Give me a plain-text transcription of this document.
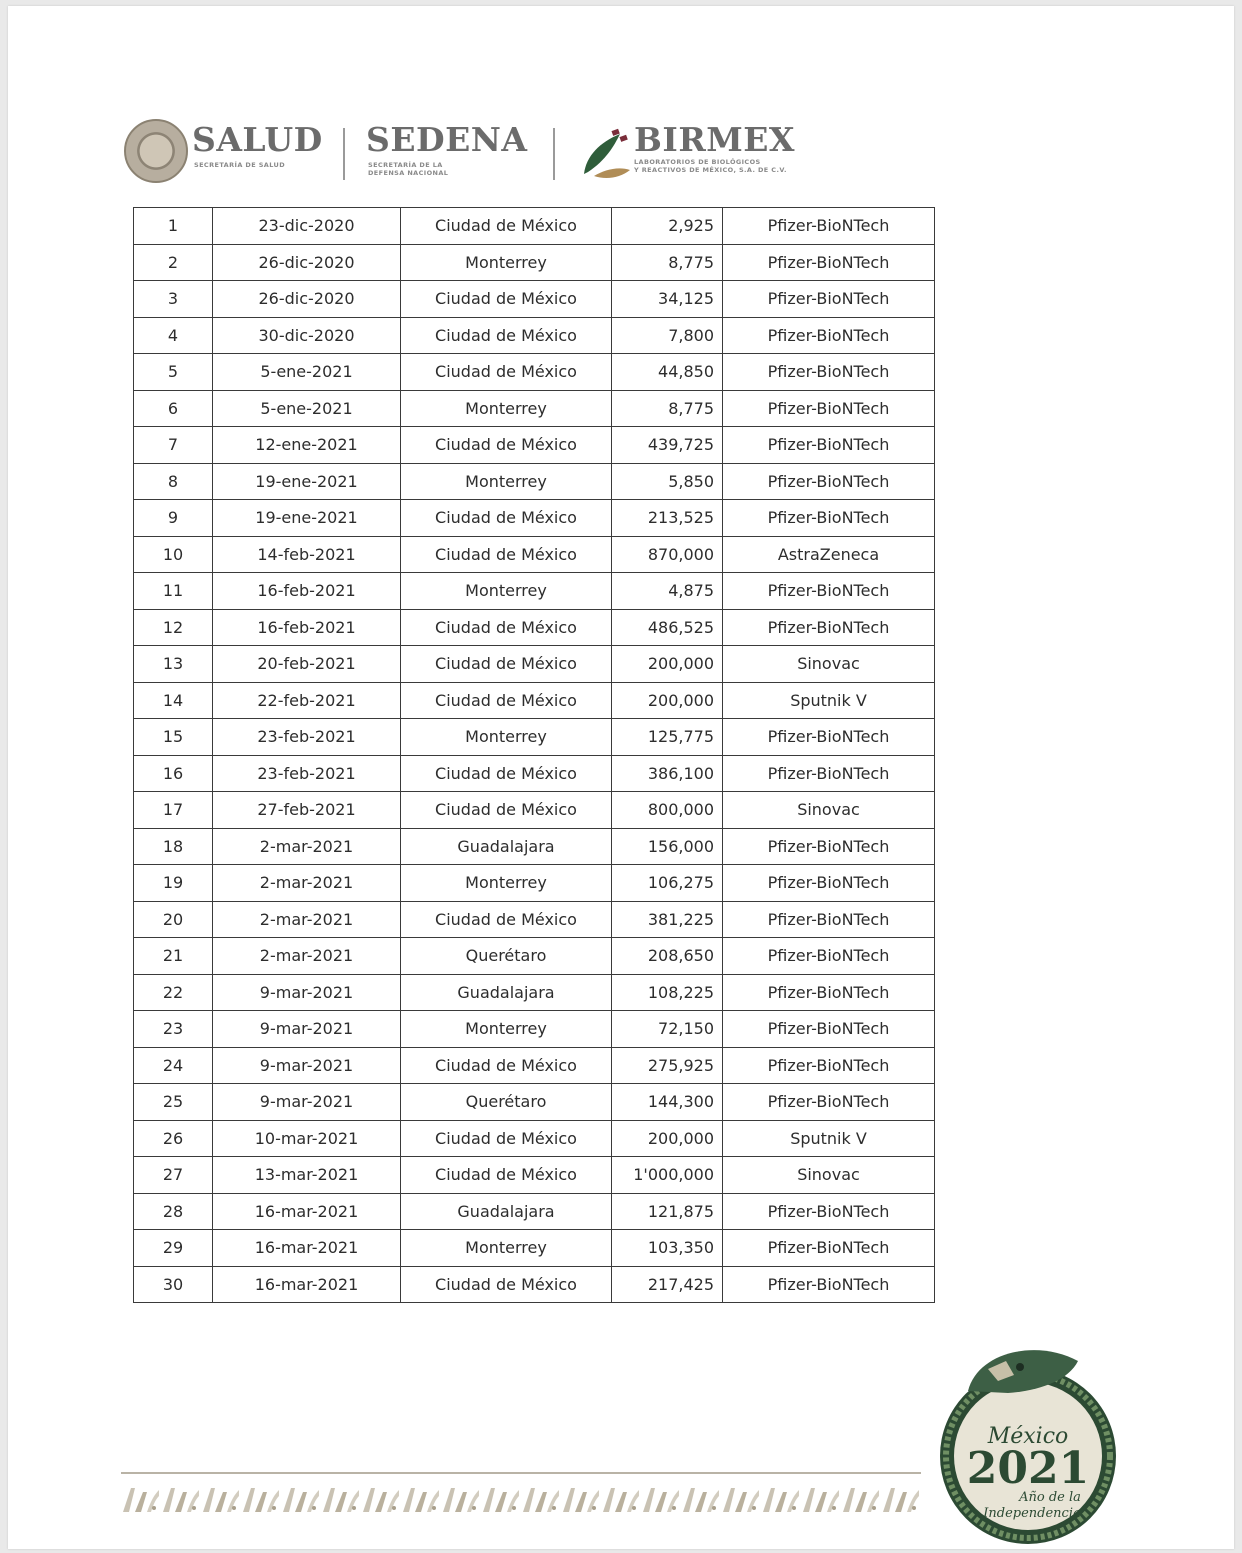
SALUD
SECRETARÍA DE SALUD
SEDENA
SECRETARÍA DE LA
DEFENSA NACIONAL
BIRMEX
LABORATORIOS DE BIOLÓGICOS
Y REACTIVOS DE MÉXICO, S.A. DE C.V.
1	23-dic-2020	Ciudad de México	2,925	Pfizer-BioNTech
2	26-dic-2020	Monterrey	8,775	Pfizer-BioNTech
3	26-dic-2020	Ciudad de México	34,125	Pfizer-BioNTech
4	30-dic-2020	Ciudad de México	7,800	Pfizer-BioNTech
5	5-ene-2021	Ciudad de México	44,850	Pfizer-BioNTech
6	5-ene-2021	Monterrey	8,775	Pfizer-BioNTech
7	12-ene-2021	Ciudad de México	439,725	Pfizer-BioNTech
8	19-ene-2021	Monterrey	5,850	Pfizer-BioNTech
9	19-ene-2021	Ciudad de México	213,525	Pfizer-BioNTech
10	14-feb-2021	Ciudad de México	870,000	AstraZeneca
11	16-feb-2021	Monterrey	4,875	Pfizer-BioNTech
12	16-feb-2021	Ciudad de México	486,525	Pfizer-BioNTech
13	20-feb-2021	Ciudad de México	200,000	Sinovac
14	22-feb-2021	Ciudad de México	200,000	Sputnik V
15	23-feb-2021	Monterrey	125,775	Pfizer-BioNTech
16	23-feb-2021	Ciudad de México	386,100	Pfizer-BioNTech
17	27-feb-2021	Ciudad de México	800,000	Sinovac
18	2-mar-2021	Guadalajara	156,000	Pfizer-BioNTech
19	2-mar-2021	Monterrey	106,275	Pfizer-BioNTech
20	2-mar-2021	Ciudad de México	381,225	Pfizer-BioNTech
21	2-mar-2021	Querétaro	208,650	Pfizer-BioNTech
22	9-mar-2021	Guadalajara	108,225	Pfizer-BioNTech
23	9-mar-2021	Monterrey	72,150	Pfizer-BioNTech
24	9-mar-2021	Ciudad de México	275,925	Pfizer-BioNTech
25	9-mar-2021	Querétaro	144,300	Pfizer-BioNTech
26	10-mar-2021	Ciudad de México	200,000	Sputnik V
27	13-mar-2021	Ciudad de México	1'000,000	Sinovac
28	16-mar-2021	Guadalajara	121,875	Pfizer-BioNTech
29	16-mar-2021	Monterrey	103,350	Pfizer-BioNTech
30	16-mar-2021	Ciudad de México	217,425	Pfizer-BioNTech
México
2021
Año de la
Independencia
